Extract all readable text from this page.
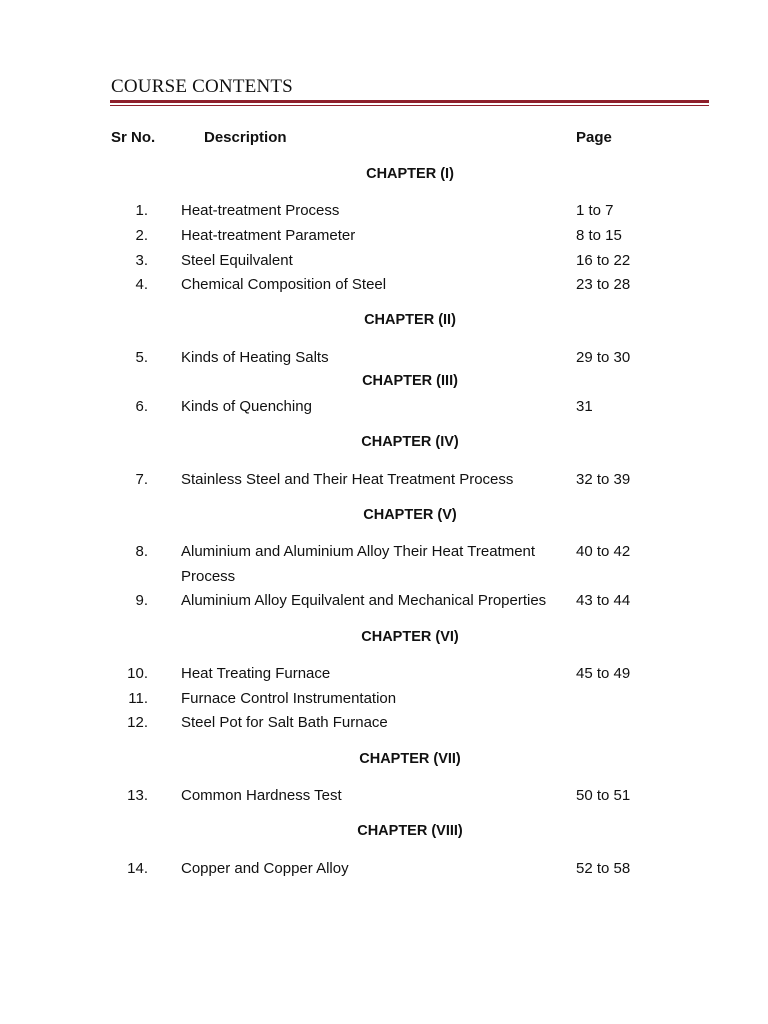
COURSE CONTENTS
Sr No.	Description	Page
CHAPTER (I)
1. Heat-treatment Process	1 to 7
2. Heat-treatment Parameter	8 to 15
3. Steel Equilvalent	16 to 22
4. Chemical Composition of Steel	23 to 28
CHAPTER (II)
5. Kinds of Heating Salts	29 to 30
CHAPTER (III)
6. Kinds of Quenching	31
CHAPTER (IV)
7. Stainless Steel and Their Heat Treatment Process	32 to 39
CHAPTER (V)
8. Aluminium and Aluminium Alloy Their Heat Treatment	40 to 42
Process
9. Aluminium Alloy Equilvalent and Mechanical Properties	43 to 44
CHAPTER (VI)
10. Heat Treating Furnace	45 to 49
11. Furnace Control Instrumentation
12. Steel Pot for Salt Bath Furnace
CHAPTER (VII)
13. Common Hardness Test	50 to 51
CHAPTER (VIII)
14. Copper and Copper Alloy	52 to 58
